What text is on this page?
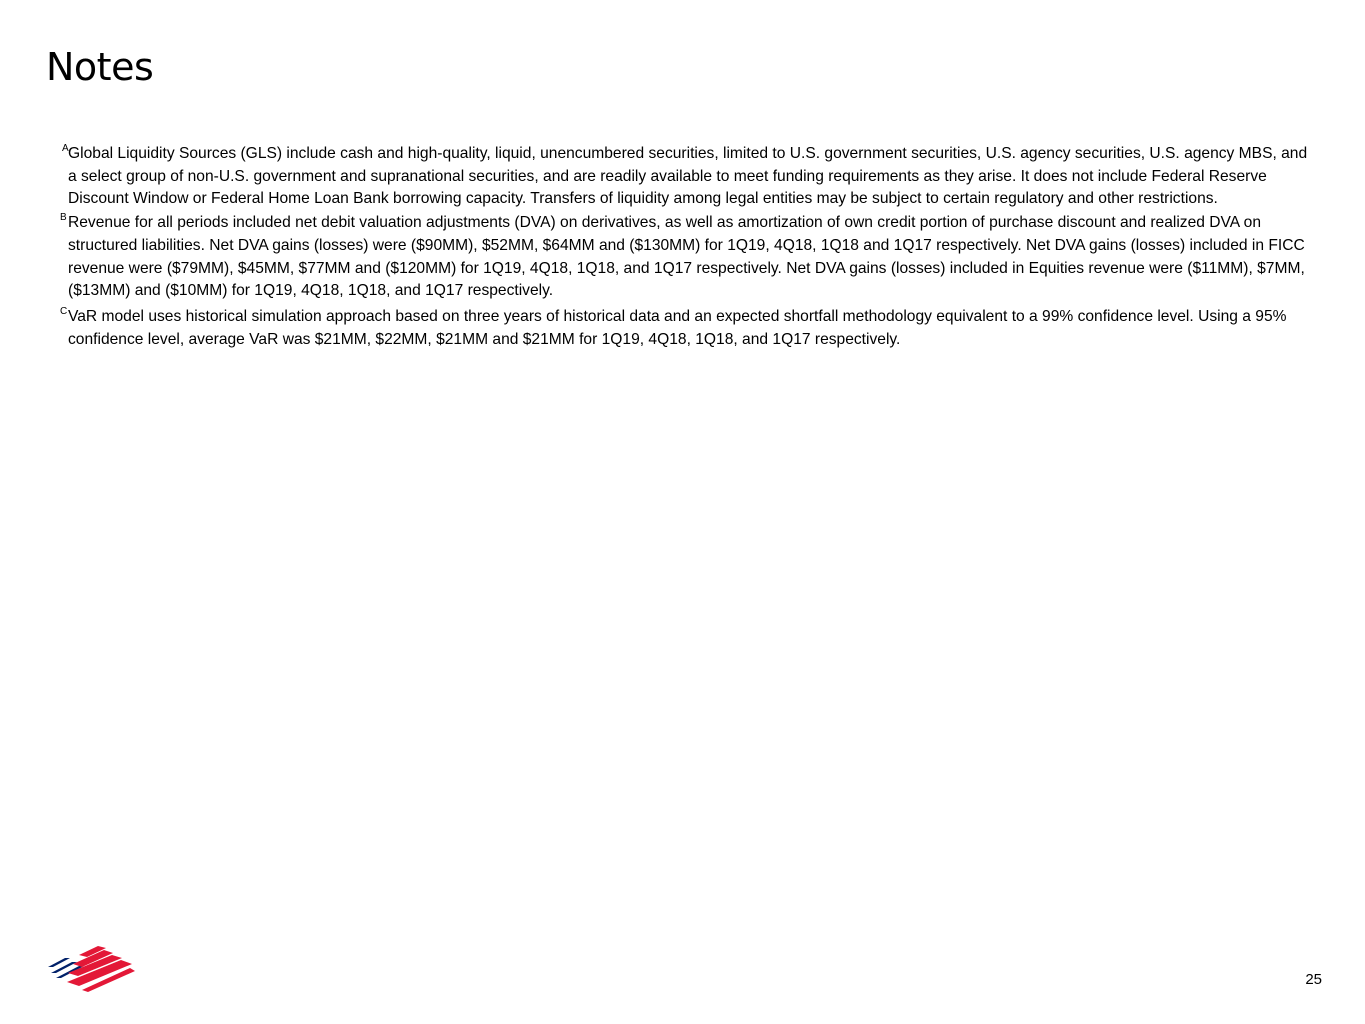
Notes

A Global Liquidity Sources (GLS) include cash and high-quality, liquid, unencumbered securities, limited to U.S. government securities, U.S. agency securities, U.S. agency MBS, and a select group of non-U.S. government and supranational securities, and are readily available to meet funding requirements as they arise. It does not include Federal Reserve Discount Window or Federal Home Loan Bank borrowing capacity. Transfers of liquidity among legal entities may be subject to certain regulatory and other restrictions.

B Revenue for all periods included net debit valuation adjustments (DVA) on derivatives, as well as amortization of own credit portion of purchase discount and realized DVA on structured liabilities. Net DVA gains (losses) were ($90MM), $52MM, $64MM and ($130MM) for 1Q19, 4Q18, 1Q18 and 1Q17 respectively. Net DVA gains (losses) included in FICC revenue were ($79MM), $45MM, $77MM and ($120MM) for 1Q19, 4Q18, 1Q18, and 1Q17 respectively. Net DVA gains (losses) included in Equities revenue were ($11MM), $7MM, ($13MM) and ($10MM) for 1Q19, 4Q18, 1Q18, and 1Q17 respectively.

C VaR model uses historical simulation approach based on three years of historical data and an expected shortfall methodology equivalent to a 99% confidence level. Using a 95% confidence level, average VaR was $21MM, $22MM, $21MM and $21MM for 1Q19, 4Q18, 1Q18, and 1Q17 respectively.

25
